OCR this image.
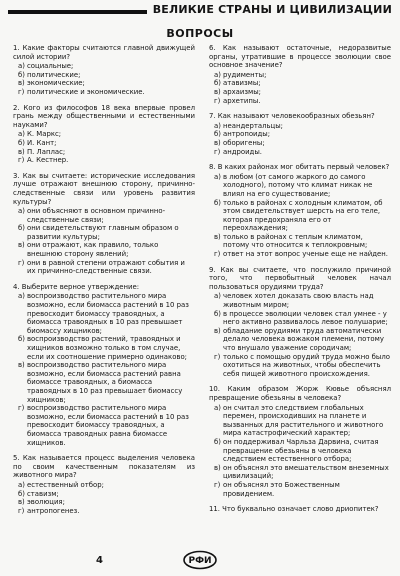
ВЕЛИКИЕ СТРАНЫ И ЦИВИЛИЗАЦИИ
ВОПРОСЫ
1. Какие факторы считаются главной движущей силой истории?
а) социальные;
б) политические;
в) экономические;
г) политические и экономические.
2. Кого из философов 18 века впервые провел грань между общественными и естественными науками?
а) К. Маркс;
б) И. Кант;
в) П. Лаплас;
г) А. Кестнер.
3. Как вы считаете: исторические исследования лучше отражают внешнюю сторону, причинно-следственные связи или уровень развития культуры?
а) они объясняют в основном причинно-следственные связи;
б) они свидетельствуют главным образом о развитии культуры;
в) они отражают, как правило, только внешнюю сторону явлений;
г) они в равной степени отражают события и их причинно-следственные связи.
4. Выберите верное утверждение:
а) воспроизводство растительного мира возможно, если биомасса растений в 10 раз превосходит биомассу травоядных, а биомасса травоядных в 10 раз превышает биомассу хищников;
б) воспроизводство растений, травоядных и хищников возможно только в том случае, если их соотношение примерно одинаково;
в) воспроизводство растительного мира возможно, если биомасса растений равна биомассе травоядных, а биомасса травоядных в 10 раз превышает биомассу хищников;
г) воспроизводство растительного мира возможно, если биомасса растений в 10 раз превосходит биомассу травоядных, а биомасса травоядных равна биомассе хищников.
5. Как называется процесс выделения человека по своим качественным показателям из животного мира?
а) естественный отбор;
б) ставизм;
в) эволюция;
г) антропогенез.
6. Как называют остаточные, недоразвитые органы, утратившие в процессе эволюции свое основное значение?
а) рудименты;
б) атавизмы;
в) архаизмы;
г) архетипы.
7. Как называют человекообразных обезьян?
а) неандертальцы;
б) антропоиды;
в) оборигены;
г) андроиды.
8. В каких районах мог обитать первый человек?
а) в любом (от самого жаркого до самого холодного), потому что климат никак не влиял на его существование;
б) только в районах с холодным климатом, об этом свидетельствует шерсть на его теле, которая предохраняла его от переохлаждения;
в) только в районах с теплым климатом, потому что относится к теплокровным;
г) ответ на этот вопрос ученые еще не найден.
9. Как вы считаете, что послужило причиной того, что первобытный человек начал пользоваться орудиями труда?
а) человек хотел доказать свою власть над животным миром;
б) в процессе эволюции человек стал умнее - у него активно развивалось левое полушарие;
в) обладание орудиями труда автоматически делало человека вожаком племени, потому что внушало уважение сородичам;
г) только с помощью орудий труда можно было охотиться на животных, чтобы обеспечить себя пищей животного происхождения.
10. Каким образом Жорж Кювье объяснял превращение обезьяны в человека?
а) он считал это следствием глобальных перемен, происходивших на планете и вызванных для растительного и животного мира катастрофический характер;
б) он поддерживал Чарльза Дарвина, считая превращение обезьяны в человека следствием естественного отбора;
в) он объяснял это вмешательством внеземных цивилизаций;
г) он объяснял это Божественным провидением.
11. Что буквально означает слово дриопитек?
4	РФИ
